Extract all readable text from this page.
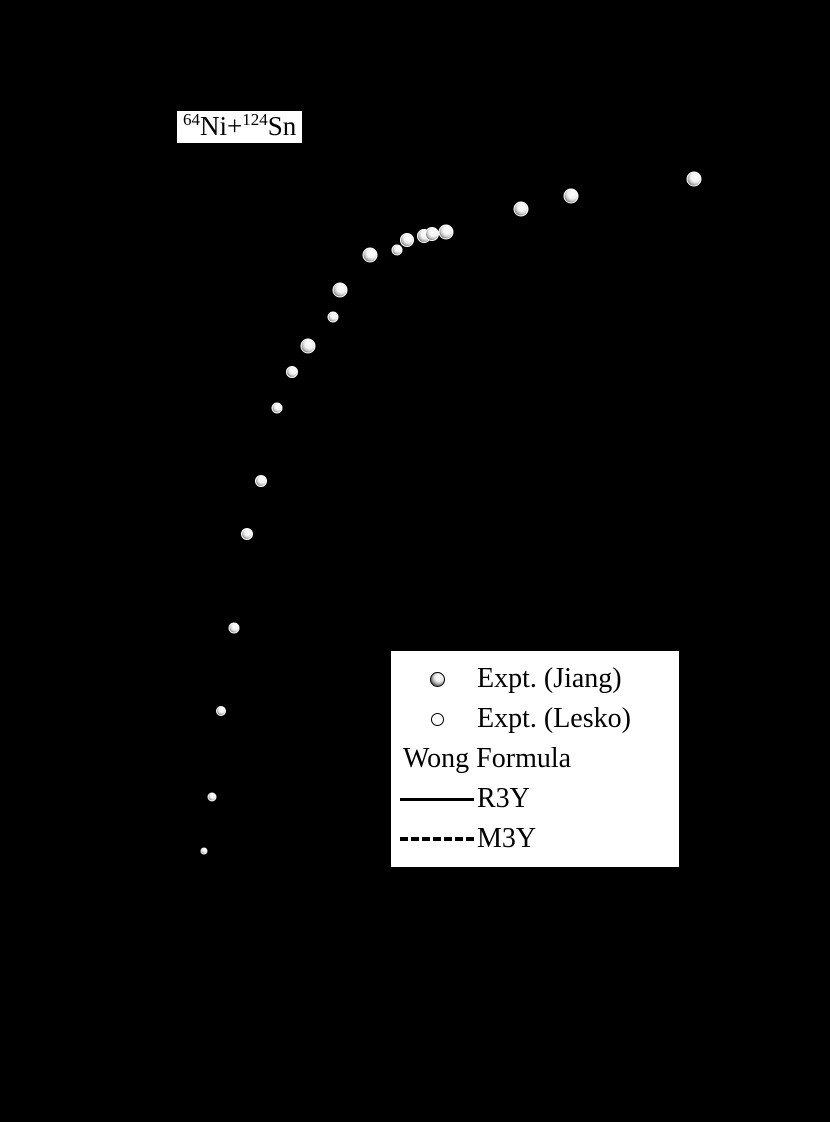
$^{64}$Ni+$^{124}$Sn
Expt. (Jiang)
Expt. (Lesko)
Wong Formula
R3Y
M3Y
